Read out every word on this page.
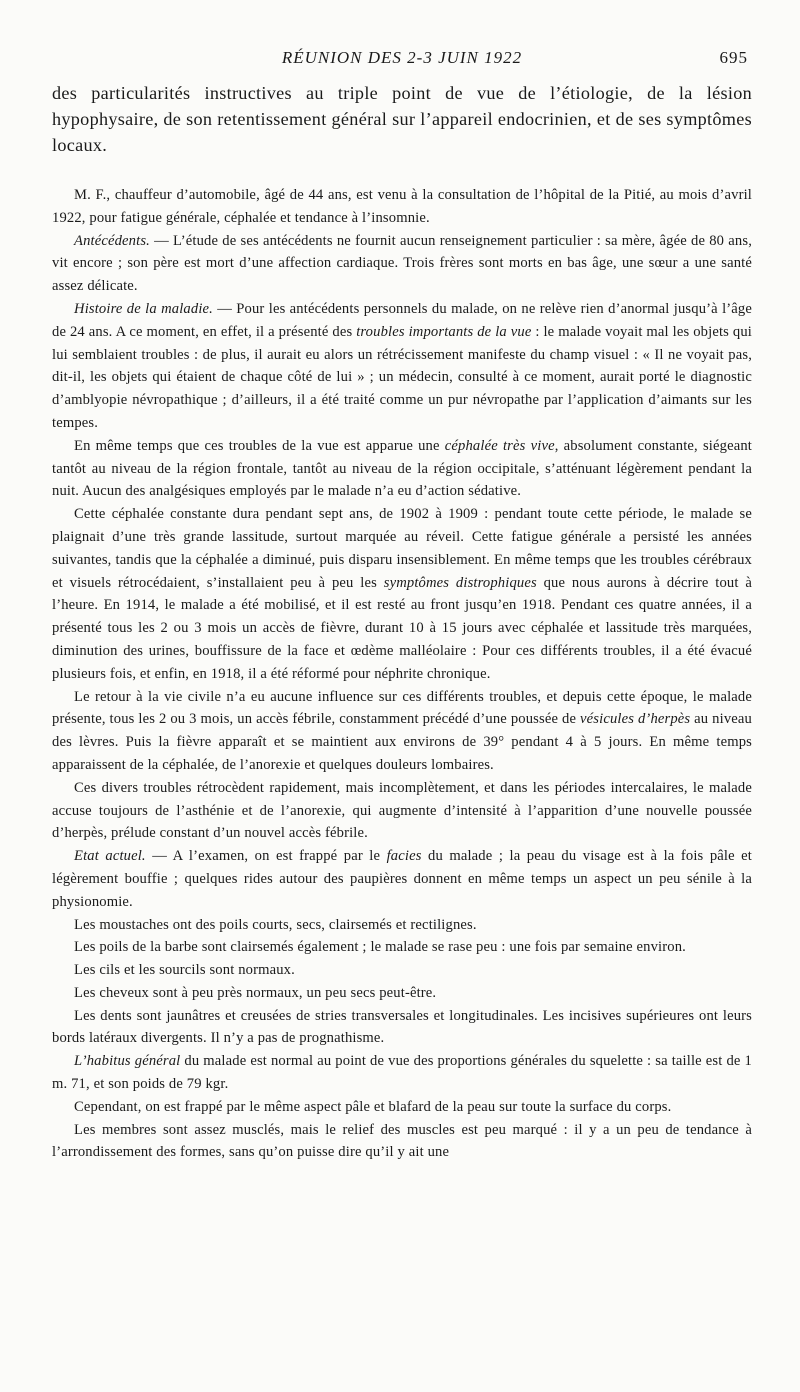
RÉUNION DES 2-3 JUIN 1922	695

des particularités instructives au triple point de vue de l’étiologie, de la lésion hypophysaire, de son retentissement général sur l’appareil endocrinien, et de ses symptômes locaux.

M. F., chauffeur d’automobile, âgé de 44 ans, est venu à la consultation de l’hôpital de la Pitié, au mois d’avril 1922, pour fatigue générale, céphalée et tendance à l’insomnie.

Antécédents. — L’étude de ses antécédents ne fournit aucun renseignement particulier : sa mère, âgée de 80 ans, vit encore ; son père est mort d’une affection cardiaque. Trois frères sont morts en bas âge, une sœur a une santé assez délicate.

Histoire de la maladie. — Pour les antécédents personnels du malade, on ne relève rien d’anormal jusqu’à l’âge de 24 ans. A ce moment, en effet, il a présenté des troubles importants de la vue : le malade voyait mal les objets qui lui semblaient troubles : de plus, il aurait eu alors un rétrécissement manifeste du champ visuel : « Il ne voyait pas, dit-il, les objets qui étaient de chaque côté de lui » ; un médecin, consulté à ce moment, aurait porté le diagnostic d’amblyopie névropathique ; d’ailleurs, il a été traité comme un pur névropathe par l’application d’aimants sur les tempes.

En même temps que ces troubles de la vue est apparue une céphalée très vive, absolument constante, siégeant tantôt au niveau de la région frontale, tantôt au niveau de la région occipitale, s’atténuant légèrement pendant la nuit. Aucun des analgésiques employés par le malade n’a eu d’action sédative.

Cette céphalée constante dura pendant sept ans, de 1902 à 1909 : pendant toute cette période, le malade se plaignait d’une très grande lassitude, surtout marquée au réveil. Cette fatigue générale a persisté les années suivantes, tandis que la céphalée a diminué, puis disparu insensiblement. En même temps que les troubles cérébraux et visuels rétrocédaient, s’installaient peu à peu les symptômes distrophiques que nous aurons à décrire tout à l’heure. En 1914, le malade a été mobilisé, et il est resté au front jusqu’en 1918. Pendant ces quatre années, il a présenté tous les 2 ou 3 mois un accès de fièvre, durant 10 à 15 jours avec céphalée et lassitude très marquées, diminution des urines, bouffissure de la face et œdème malléolaire : Pour ces différents troubles, il a été évacué plusieurs fois, et enfin, en 1918, il a été réformé pour néphrite chronique.

Le retour à la vie civile n’a eu aucune influence sur ces différents troubles, et depuis cette époque, le malade présente, tous les 2 ou 3 mois, un accès fébrile, constamment précédé d’une poussée de vésicules d’herpès au niveau des lèvres. Puis la fièvre apparaît et se maintient aux environs de 39° pendant 4 à 5 jours. En même temps apparaissent de la céphalée, de l’anorexie et quelques douleurs lombaires.

Ces divers troubles rétrocèdent rapidement, mais incomplètement, et dans les périodes intercalaires, le malade accuse toujours de l’asthénie et de l’anorexie, qui augmente d’intensité à l’apparition d’une nouvelle poussée d’herpès, prélude constant d’un nouvel accès fébrile.

Etat actuel. — A l’examen, on est frappé par le facies du malade ; la peau du visage est à la fois pâle et légèrement bouffie ; quelques rides autour des paupières donnent en même temps un aspect un peu sénile à la physionomie.

Les moustaches ont des poils courts, secs, clairsemés et rectilignes.

Les poils de la barbe sont clairsemés également ; le malade se rase peu : une fois par semaine environ.

Les cils et les sourcils sont normaux.

Les cheveux sont à peu près normaux, un peu secs peut-être.

Les dents sont jaunâtres et creusées de stries transversales et longitudinales. Les incisives supérieures ont leurs bords latéraux divergents. Il n’y a pas de prognathisme.

L’habitus général du malade est normal au point de vue des proportions générales du squelette : sa taille est de 1 m. 71, et son poids de 79 kgr.

Cependant, on est frappé par le même aspect pâle et blafard de la peau sur toute la surface du corps.

Les membres sont assez musclés, mais le relief des muscles est peu marqué : il y a un peu de tendance à l’arrondissement des formes, sans qu’on puisse dire qu’il y ait une
